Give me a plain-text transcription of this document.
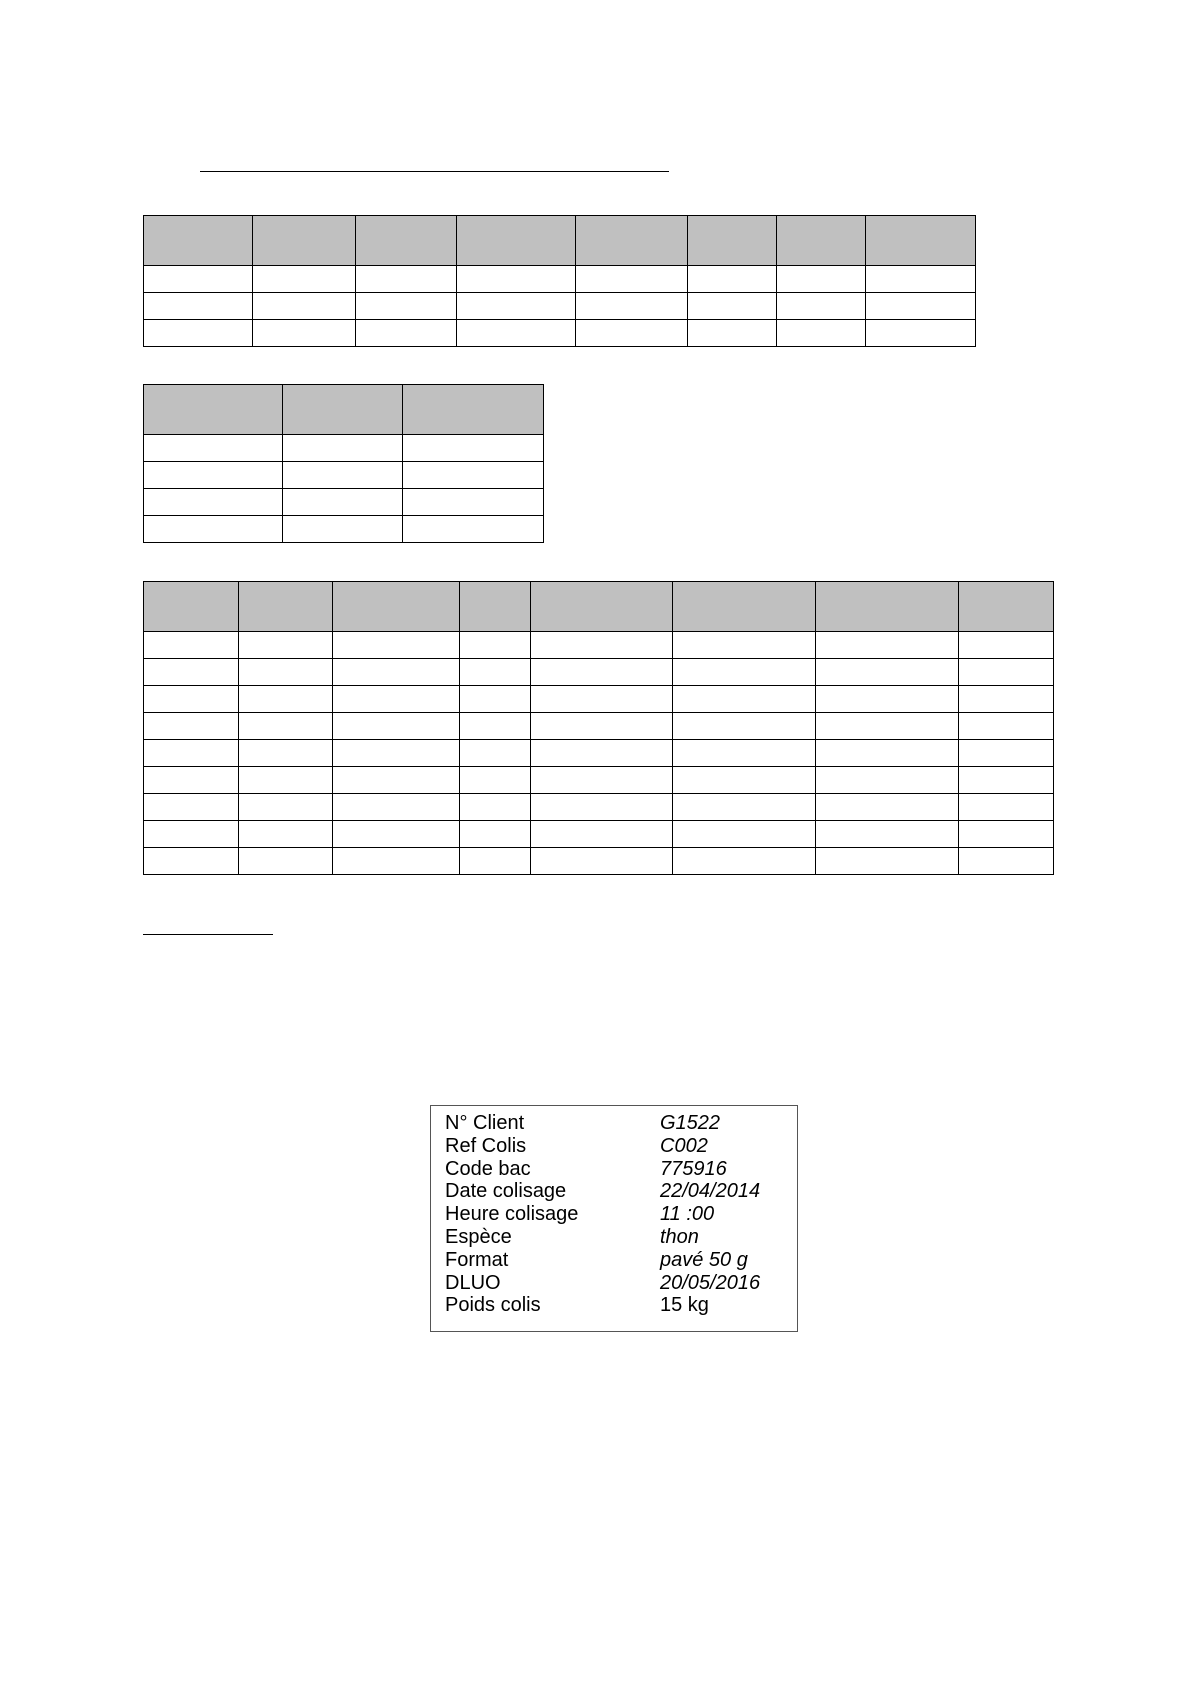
N° Client	G1522
Ref Colis	C002
Code bac	775916
Date colisage	22/04/2014
Heure colisage	11 :00
Espèce	thon
Format	pavé 50 g
DLUO	20/05/2016
Poids colis	15 kg
